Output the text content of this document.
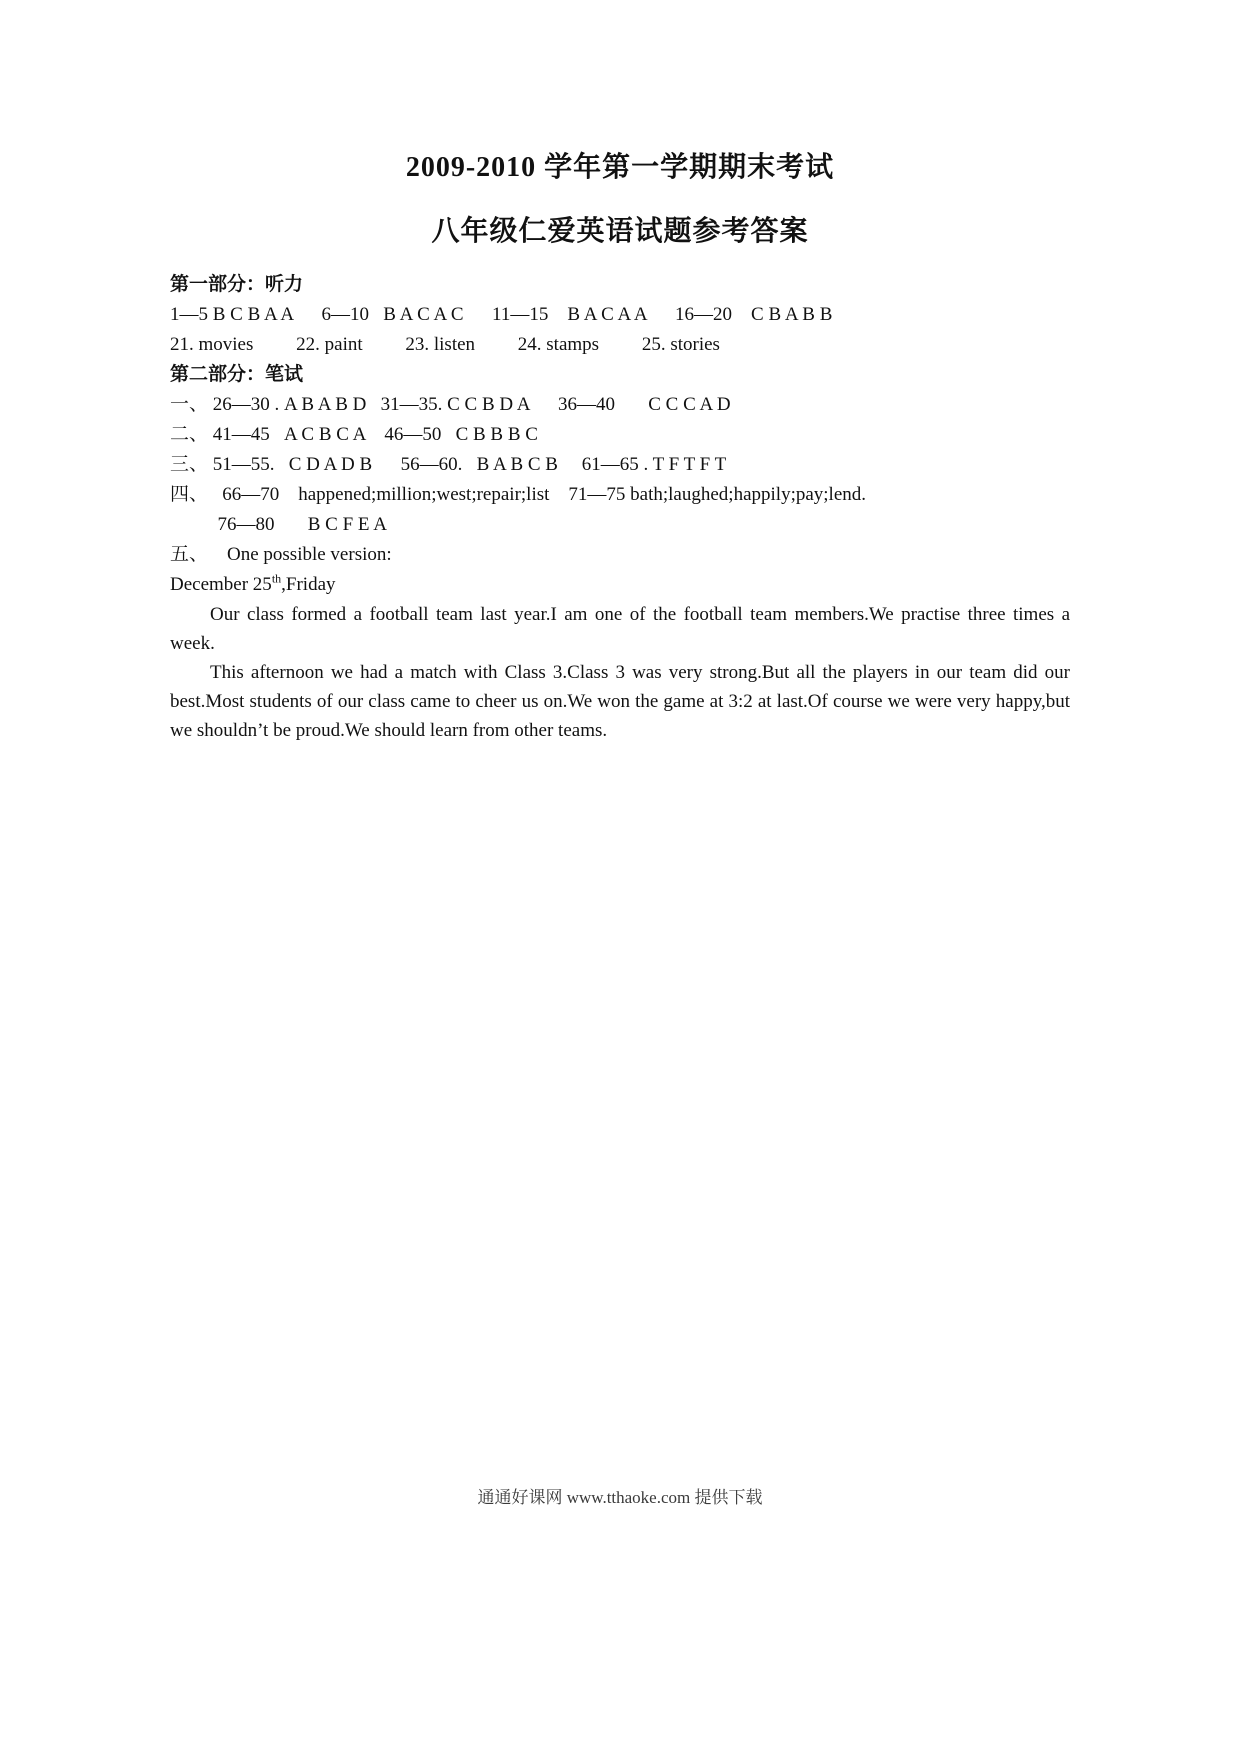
2009-2010 学年第一学期期末考试
八年级仁爱英语试题参考答案
第一部分：听力
1—5 B C B A A      6—10   B A C A C      11—15    B A C A A      16—20    C B A B B
21. movies         22. paint         23. listen         24. stamps         25. stories
第二部分：笔试
一、 26—30 . A B A B D   31—35. C C B D A      36—40       C C C A D
二、 41—45   A C B C A    46—50   C B B B C
三、 51—55.   C D A D B      56—60.   B A B C B     61—65 . T F T F T
四、   66—70    happened;million;west;repair;list    71—75 bath;laughed;happily;pay;lend.
76—80       B C F E A
五、    One possible version:
December 25th,Friday

Our class formed a football team last year.I am one of the football team members.We practise three times a week.

This afternoon we had a match with Class 3.Class 3 was very strong.But all the players in our team did our best.Most students of our class came to cheer us on.We won the game at 3:2 at last.Of course we were very happy,but we shouldn’t be proud.We should learn from other teams.

通通好课网 www.tthaoke.com 提供下载
